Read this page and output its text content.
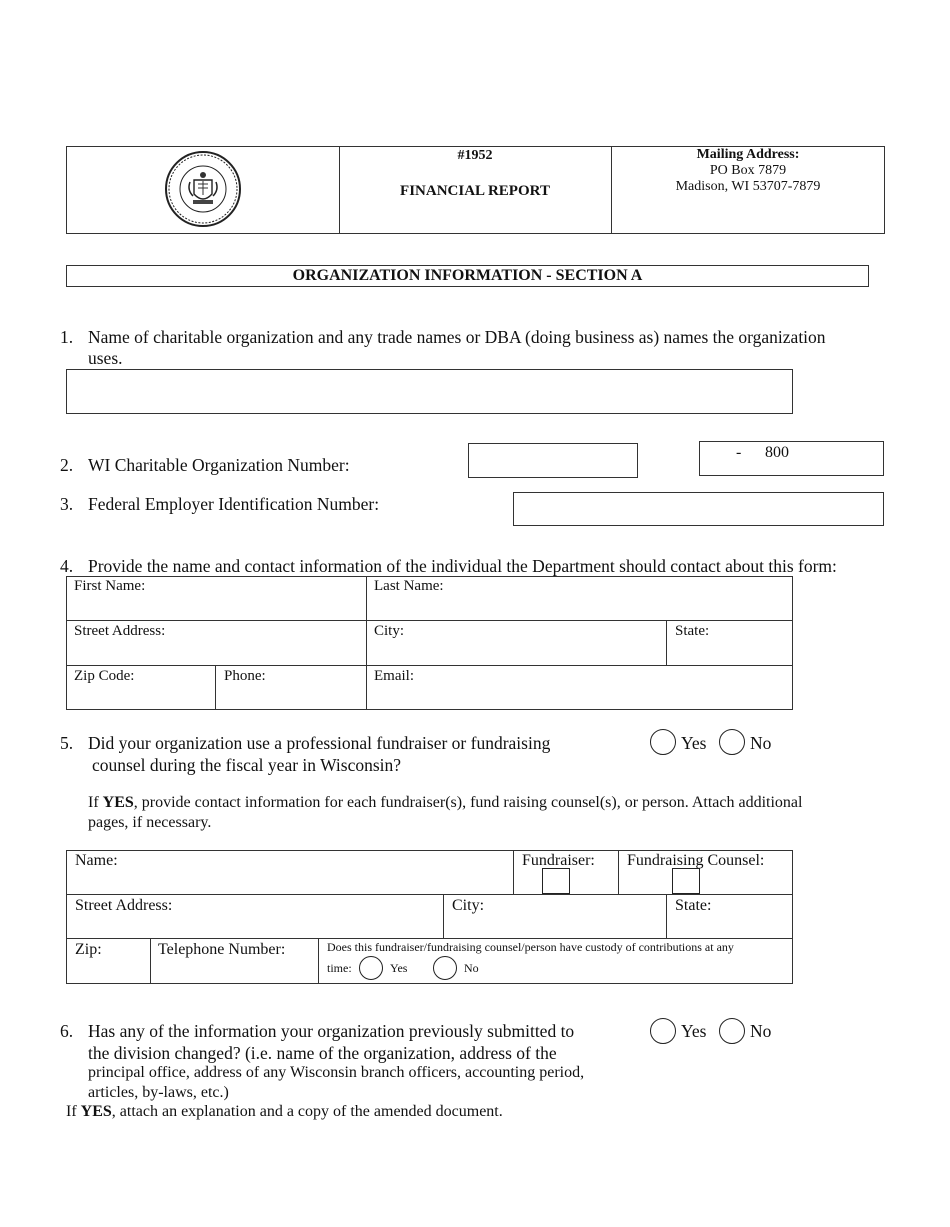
#1952
FINANCIAL REPORT
Mailing Address:
PO Box 7879
Madison, WI 53707-7879
ORGANIZATION INFORMATION - SECTION A
1. Name of charitable organization and any trade names or DBA (doing business as) names the organization
uses.
2. WI Charitable Organization Number:
- 800
3. Federal Employer Identification Number:
4. Provide the name and contact information of the individual the Department should contact about this form:
First Name:	Last Name:
Street Address:	City:	State:
Zip Code:	Phone:	Email:
5. Did your organization use a professional fundraiser or fundraising
counsel during the fiscal year in Wisconsin?
Yes No
If YES, provide contact information for each fundraiser(s), fund raising counsel(s), or person. Attach additional
pages, if necessary.
Name:	Fundraiser: Fundraising Counsel:
Street Address:	City:	State:
Zip:	Telephone Number:	Does this fundraiser/fundraising counsel/person have custody of contributions at any
time:	Yes	No
6. Has any of the information your organization previously submitted to
the division changed? (i.e. name of the organization, address of the
principal office, address of any Wisconsin branch officers, accounting period,
articles, by-laws, etc.)
Yes No
If YES, attach an explanation and a copy of the amended document.
